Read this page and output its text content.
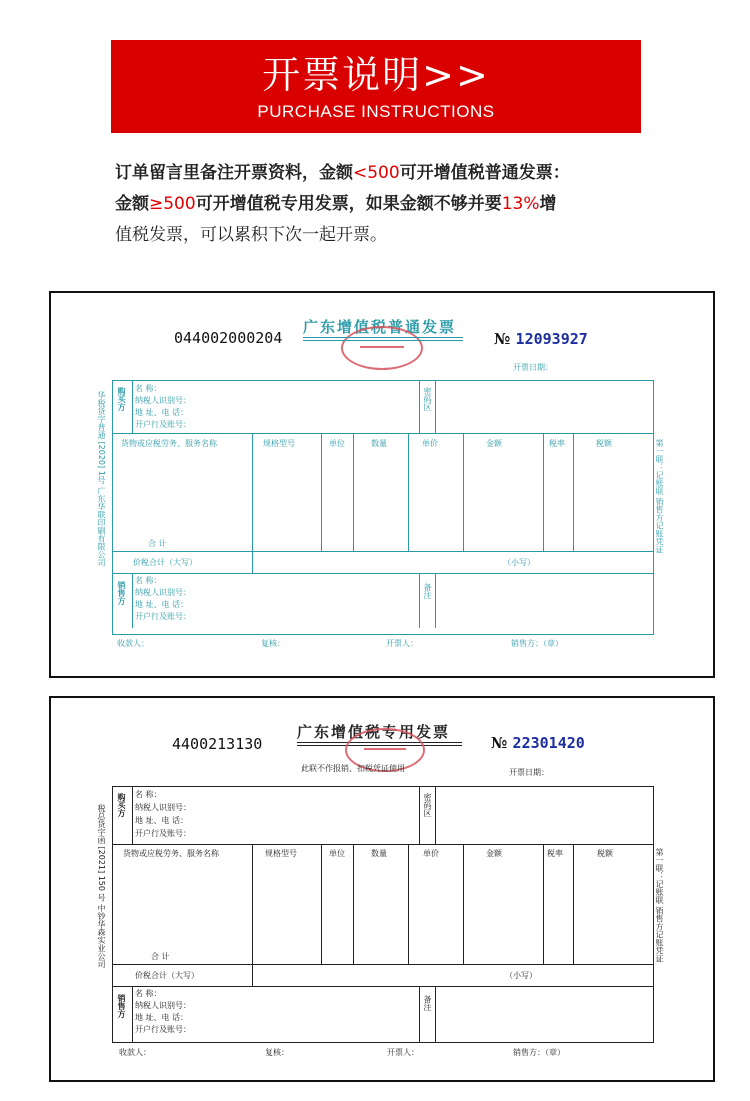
开票说明>>
PURCHASE INSTRUCTIONS
订单留言里备注开票资料，金额<500可开增值税普通发票：
金额≥500可开增值税专用发票，如果金额不够并要13%增
值税发票，可以累积下次一起开票。
044002000204
广东增值税普通发票
№ 12093927
开票日期：
华税货字普通 [2020] 1号 广东华联印刷有限公司 购买方 名 称：
纳税人识别号：
地 址、电 话：
开户行及账号：
密码区
货物或应税劳务、服务名称	规格型号	单位	数量	单价	金额	税率	税额
合 计
价税合计（大写）	（小写）
销售方
名 称：
纳税人识别号：
地 址、电 话：
开户行及账号：
备注
第一联：记账联 销售方记账凭证
收款人：	复核：	开票人：	销售方：（章）
4400213130
广东增值税专用发票
此联不作报销、扣税凭证使用
№ 22301420
开票日期：
税总货字函 [2021] 150 号 中钞华森实业公司 购买方 名 称：
纳税人识别号：
地 址、电 话：
开户行及账号：
密码区
货物或应税劳务、服务名称	规格型号	单位	数量	单价	金额	税率	税额
合 计
价税合计（大写）	（小写）
销售方
名 称：
纳税人识别号：
地 址、电 话：
开户行及账号：
备注
第一联：记账联 销售方记账凭证
收款人：	复核：	开票人：	销售方：（章）
